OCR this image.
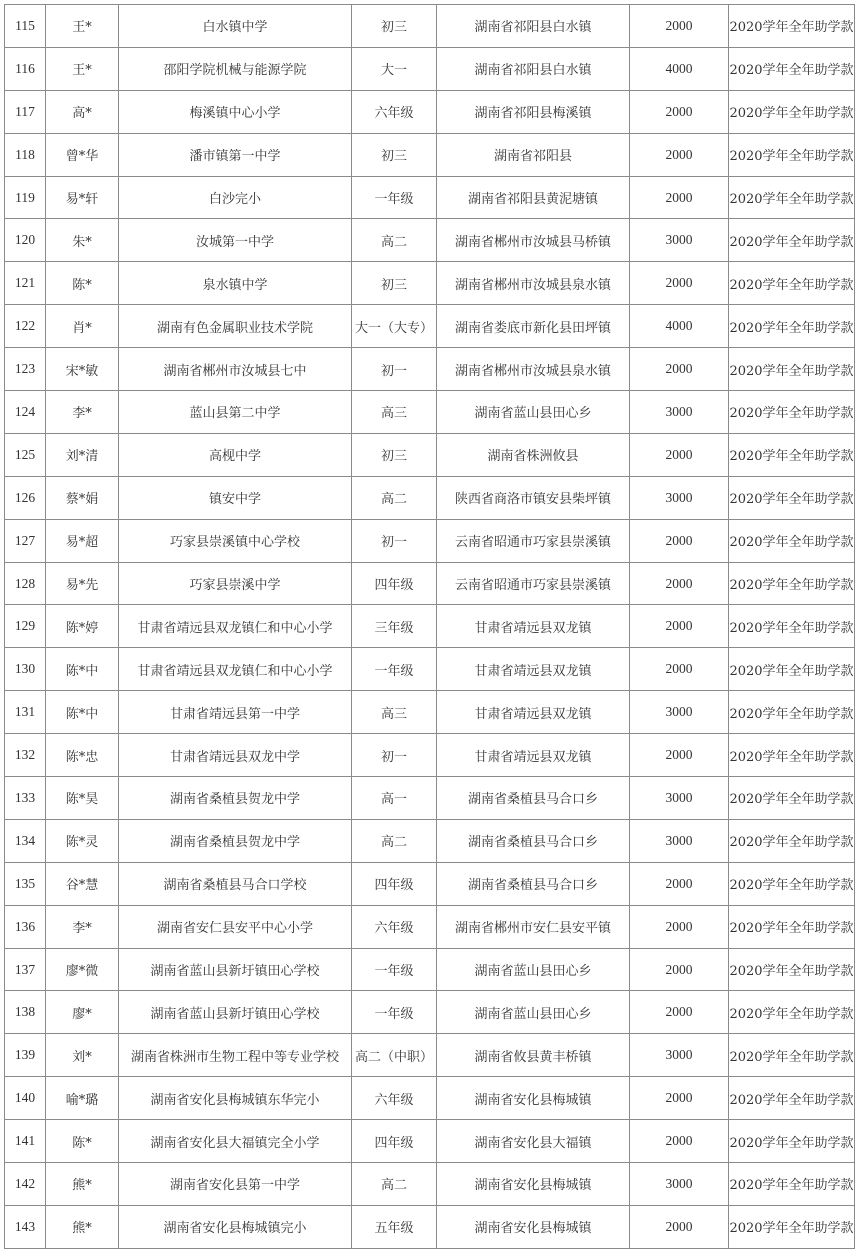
115	王*	白水镇中学	初三	湖南省祁阳县白水镇	2000	2020学年全年助学款
116	王*	邵阳学院机械与能源学院	大一	湖南省祁阳县白水镇	4000	2020学年全年助学款
117	高*	梅溪镇中心小学	六年级	湖南省祁阳县梅溪镇	2000	2020学年全年助学款
118	曾*华	潘市镇第一中学	初三	湖南省祁阳县	2000	2020学年全年助学款
119	易*轩	白沙完小	一年级	湖南省祁阳县黄泥塘镇	2000	2020学年全年助学款
120	朱*	汝城第一中学	高二	湖南省郴州市汝城县马桥镇	3000	2020学年全年助学款
121	陈*	泉水镇中学	初三	湖南省郴州市汝城县泉水镇	2000	2020学年全年助学款
122	肖*	湖南有色金属职业技术学院	大一（大专）	湖南省娄底市新化县田坪镇	4000	2020学年全年助学款
123	宋*敏	湖南省郴州市汝城县七中	初一	湖南省郴州市汝城县泉水镇	2000	2020学年全年助学款
124	李*	蓝山县第二中学	高三	湖南省蓝山县田心乡	3000	2020学年全年助学款
125	刘*清	高枧中学	初三	湖南省株洲攸县	2000	2020学年全年助学款
126	蔡*娟	镇安中学	高二	陕西省商洛市镇安县柴坪镇	3000	2020学年全年助学款
127	易*超	巧家县崇溪镇中心学校	初一	云南省昭通市巧家县崇溪镇	2000	2020学年全年助学款
128	易*先	巧家县崇溪中学	四年级	云南省昭通市巧家县崇溪镇	2000	2020学年全年助学款
129	陈*婷	甘肃省靖远县双龙镇仁和中心小学	三年级	甘肃省靖远县双龙镇	2000	2020学年全年助学款
130	陈*中	甘肃省靖远县双龙镇仁和中心小学	一年级	甘肃省靖远县双龙镇	2000	2020学年全年助学款
131	陈*中	甘肃省靖远县第一中学	高三	甘肃省靖远县双龙镇	3000	2020学年全年助学款
132	陈*忠	甘肃省靖远县双龙中学	初一	甘肃省靖远县双龙镇	2000	2020学年全年助学款
133	陈*昊	湖南省桑植县贺龙中学	高一	湖南省桑植县马合口乡	3000	2020学年全年助学款
134	陈*灵	湖南省桑植县贺龙中学	高二	湖南省桑植县马合口乡	3000	2020学年全年助学款
135	谷*慧	湖南省桑植县马合口学校	四年级	湖南省桑植县马合口乡	2000	2020学年全年助学款
136	李*	湖南省安仁县安平中心小学	六年级	湖南省郴州市安仁县安平镇	2000	2020学年全年助学款
137	廖*微	湖南省蓝山县新圩镇田心学校	一年级	湖南省蓝山县田心乡	2000	2020学年全年助学款
138	廖*	湖南省蓝山县新圩镇田心学校	一年级	湖南省蓝山县田心乡	2000	2020学年全年助学款
139	刘*	湖南省株洲市生物工程中等专业学校	高二（中职）	湖南省攸县黄丰桥镇	3000	2020学年全年助学款
140	喻*璐	湖南省安化县梅城镇东华完小	六年级	湖南省安化县梅城镇	2000	2020学年全年助学款
141	陈*	湖南省安化县大福镇完全小学	四年级	湖南省安化县大福镇	2000	2020学年全年助学款
142	熊*	湖南省安化县第一中学	高二	湖南省安化县梅城镇	3000	2020学年全年助学款
143	熊*	湖南省安化县梅城镇完小	五年级	湖南省安化县梅城镇	2000	2020学年全年助学款
